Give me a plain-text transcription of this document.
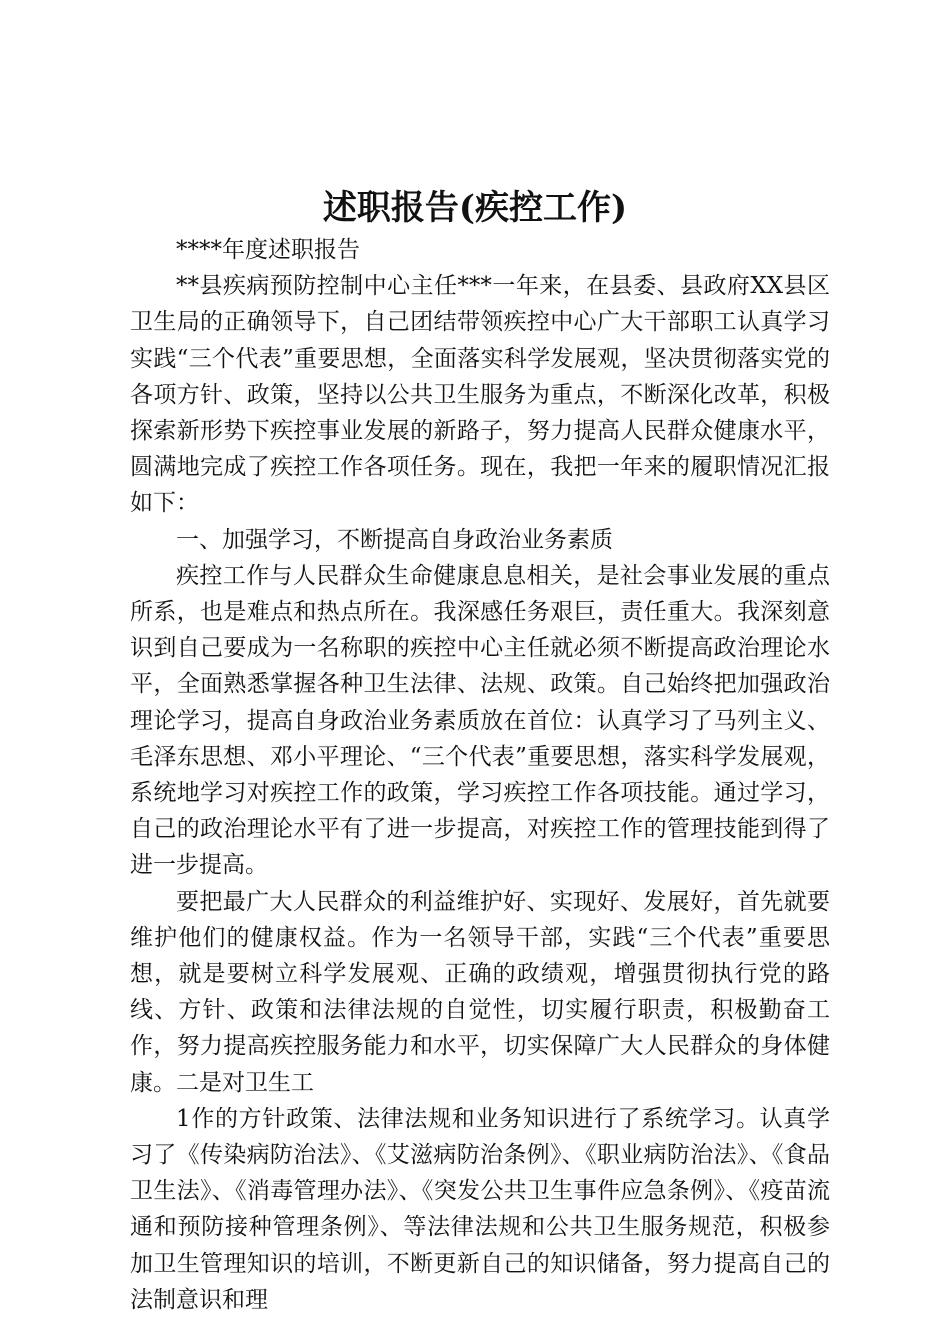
述职报告(疾控工作)

****年度述职报告

**县疾病预防控制中心主任***一年来，在县委、县政府XX县区卫生局的正确领导下，自己团结带领疾控中心广大干部职工认真学习实践“三个代表”重要思想，全面落实科学发展观，坚决贯彻落实党的各项方针、政策，坚持以公共卫生服务为重点，不断深化改革，积极探索新形势下疾控事业发展的新路子，努力提高人民群众健康水平，圆满地完成了疾控工作各项任务。现在，我把一年来的履职情况汇报如下：

一、加强学习，不断提高自身政治业务素质

疾控工作与人民群众生命健康息息相关，是社会事业发展的重点所系，也是难点和热点所在。我深感任务艰巨，责任重大。我深刻意识到自己要成为一名称职的疾控中心主任就必须不断提高政治理论水平，全面熟悉掌握各种卫生法律、法规、政策。自己始终把加强政治理论学习，提高自身政治业务素质放在首位：认真学习了马列主义、毛泽东思想、邓小平理论、“三个代表”重要思想，落实科学发展观，系统地学习对疾控工作的政策，学习疾控工作各项技能。通过学习，自己的政治理论水平有了进一步提高，对疾控工作的管理技能到得了进一步提高。

要把最广大人民群众的利益维护好、实现好、发展好，首先就要维护他们的健康权益。作为一名领导干部，实践“三个代表”重要思想，就是要树立科学发展观、正确的政绩观，增强贯彻执行党的路线、方针、政策和法律法规的自觉性，切实履行职责，积极勤奋工作，努力提高疾控服务能力和水平，切实保障广大人民群众的身体健康。二是对卫生工

1作的方针政策、法律法规和业务知识进行了系统学习。认真学习了《传染病防治法》、《艾滋病防治条例》、《职业病防治法》、《食品卫生法》、《消毒管理办法》、《突发公共卫生事件应急条例》、《疫苗流通和预防接种管理条例》、等法律法规和公共卫生服务规范，积极参加卫生管理知识的培训，不断更新自己的知识储备，努力提高自己的法制意识和理
